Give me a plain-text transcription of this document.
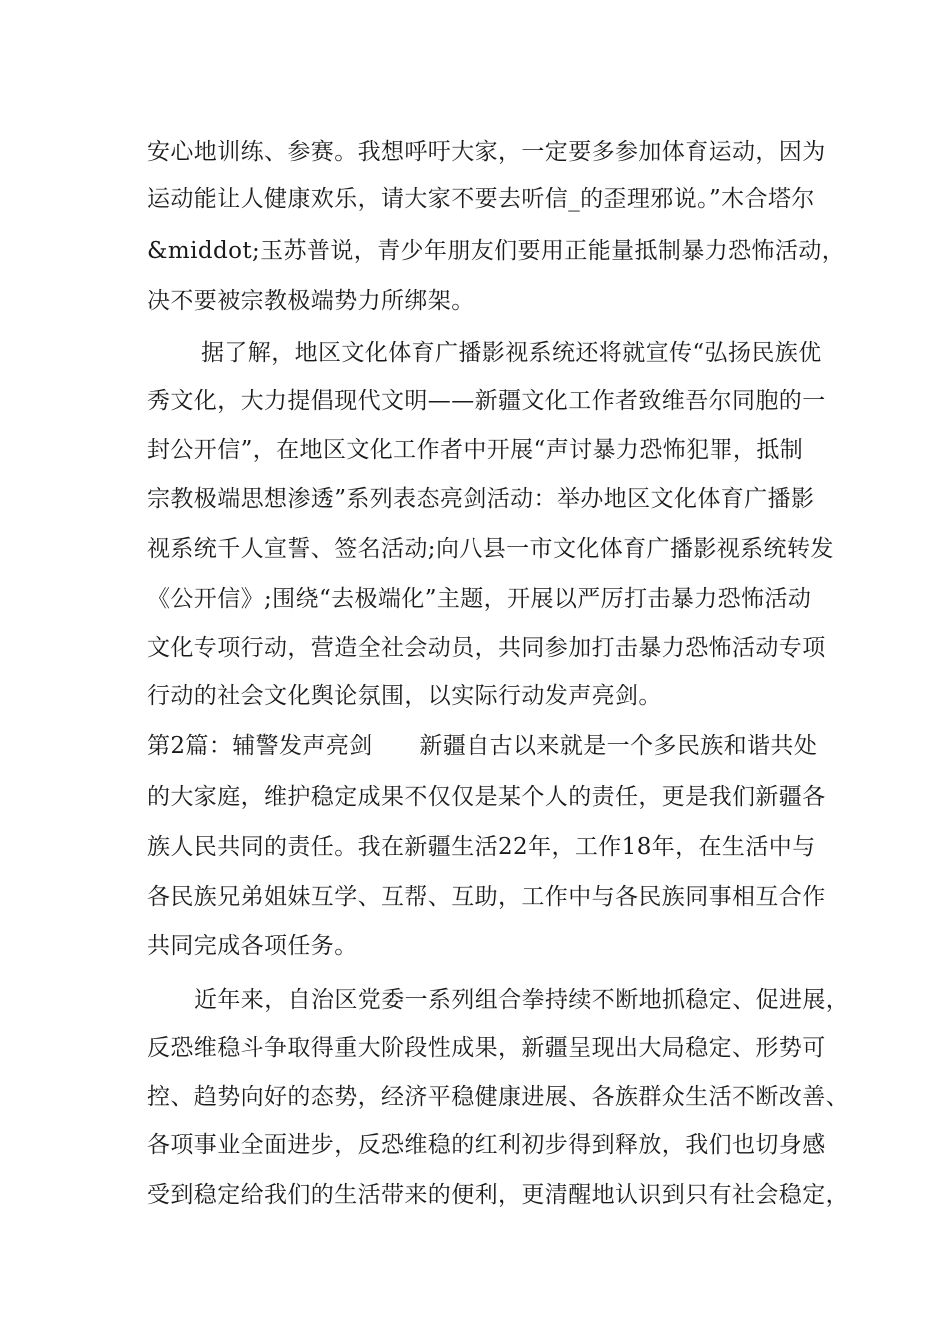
安心地训练、参赛。我想呼吁大家，一定要多参加体育运动，因为
运动能让人健康欢乐，请大家不要去听信_的歪理邪说。”木合塔尔
&middot;玉苏普说，青少年朋友们要用正能量抵制暴力恐怖活动，
决不要被宗教极端势力所绑架。
据了解，地区文化体育广播影视系统还将就宣传“弘扬民族优
秀文化，大力提倡现代文明——新疆文化工作者致维吾尔同胞的一
封公开信”，在地区文化工作者中开展“声讨暴力恐怖犯罪，抵制
宗教极端思想渗透”系列表态亮剑活动：举办地区文化体育广播影
视系统千人宣誓、签名活动;向八县一市文化体育广播影视系统转发
《公开信》;围绕“去极端化”主题，开展以严厉打击暴力恐怖活动
文化专项行动，营造全社会动员，共同参加打击暴力恐怖活动专项
行动的社会文化舆论氛围，以实际行动发声亮剑。
第2篇：辅警发声亮剑　　新疆自古以来就是一个多民族和谐共处
的大家庭，维护稳定成果不仅仅是某个人的责任，更是我们新疆各
族人民共同的责任。我在新疆生活22年，工作18年，在生活中与
各民族兄弟姐妹互学、互帮、互助，工作中与各民族同事相互合作
共同完成各项任务。
近年来，自治区党委一系列组合拳持续不断地抓稳定、促进展，
反恐维稳斗争取得重大阶段性成果，新疆呈现出大局稳定、形势可
控、趋势向好的态势，经济平稳健康进展、各族群众生活不断改善、
各项事业全面进步，反恐维稳的红利初步得到释放，我们也切身感
受到稳定给我们的生活带来的便利，更清醒地认识到只有社会稳定，
